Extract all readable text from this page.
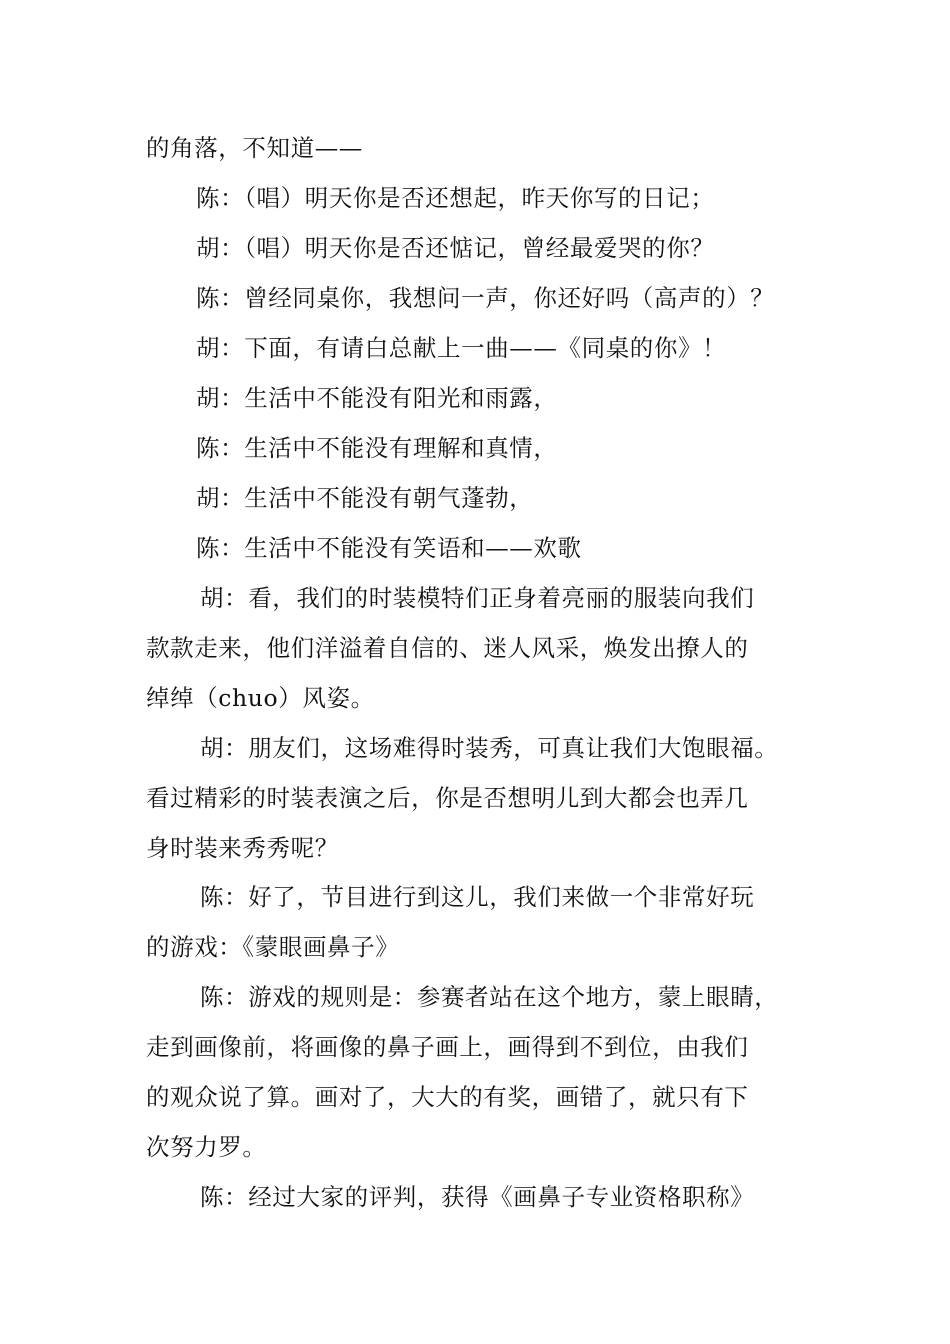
的角落，不知道——
陈：（唱）明天你是否还想起，昨天你写的日记；
胡：（唱）明天你是否还惦记，曾经最爱哭的你？
陈：曾经同桌你，我想问一声，你还好吗（高声的）？
胡：下面，有请白总献上一曲——《同桌的你》！
胡：生活中不能没有阳光和雨露，
陈：生活中不能没有理解和真情，
胡：生活中不能没有朝气蓬勃，
陈：生活中不能没有笑语和——欢歌
胡：看，我们的时装模特们正身着亮丽的服装向我们
款款走来，他们洋溢着自信的、迷人风采，焕发出撩人的
绰绰（chuo）风姿。
胡：朋友们，这场难得时装秀，可真让我们大饱眼福。
看过精彩的时装表演之后，你是否想明儿到大都会也弄几
身时装来秀秀呢？
陈：好了，节目进行到这儿，我们来做一个非常好玩
的游戏：《蒙眼画鼻子》
陈：游戏的规则是：参赛者站在这个地方，蒙上眼睛，
走到画像前，将画像的鼻子画上，画得到不到位，由我们
的观众说了算。画对了，大大的有奖，画错了，就只有下
次努力罗。
陈：经过大家的评判，获得《画鼻子专业资格职称》
